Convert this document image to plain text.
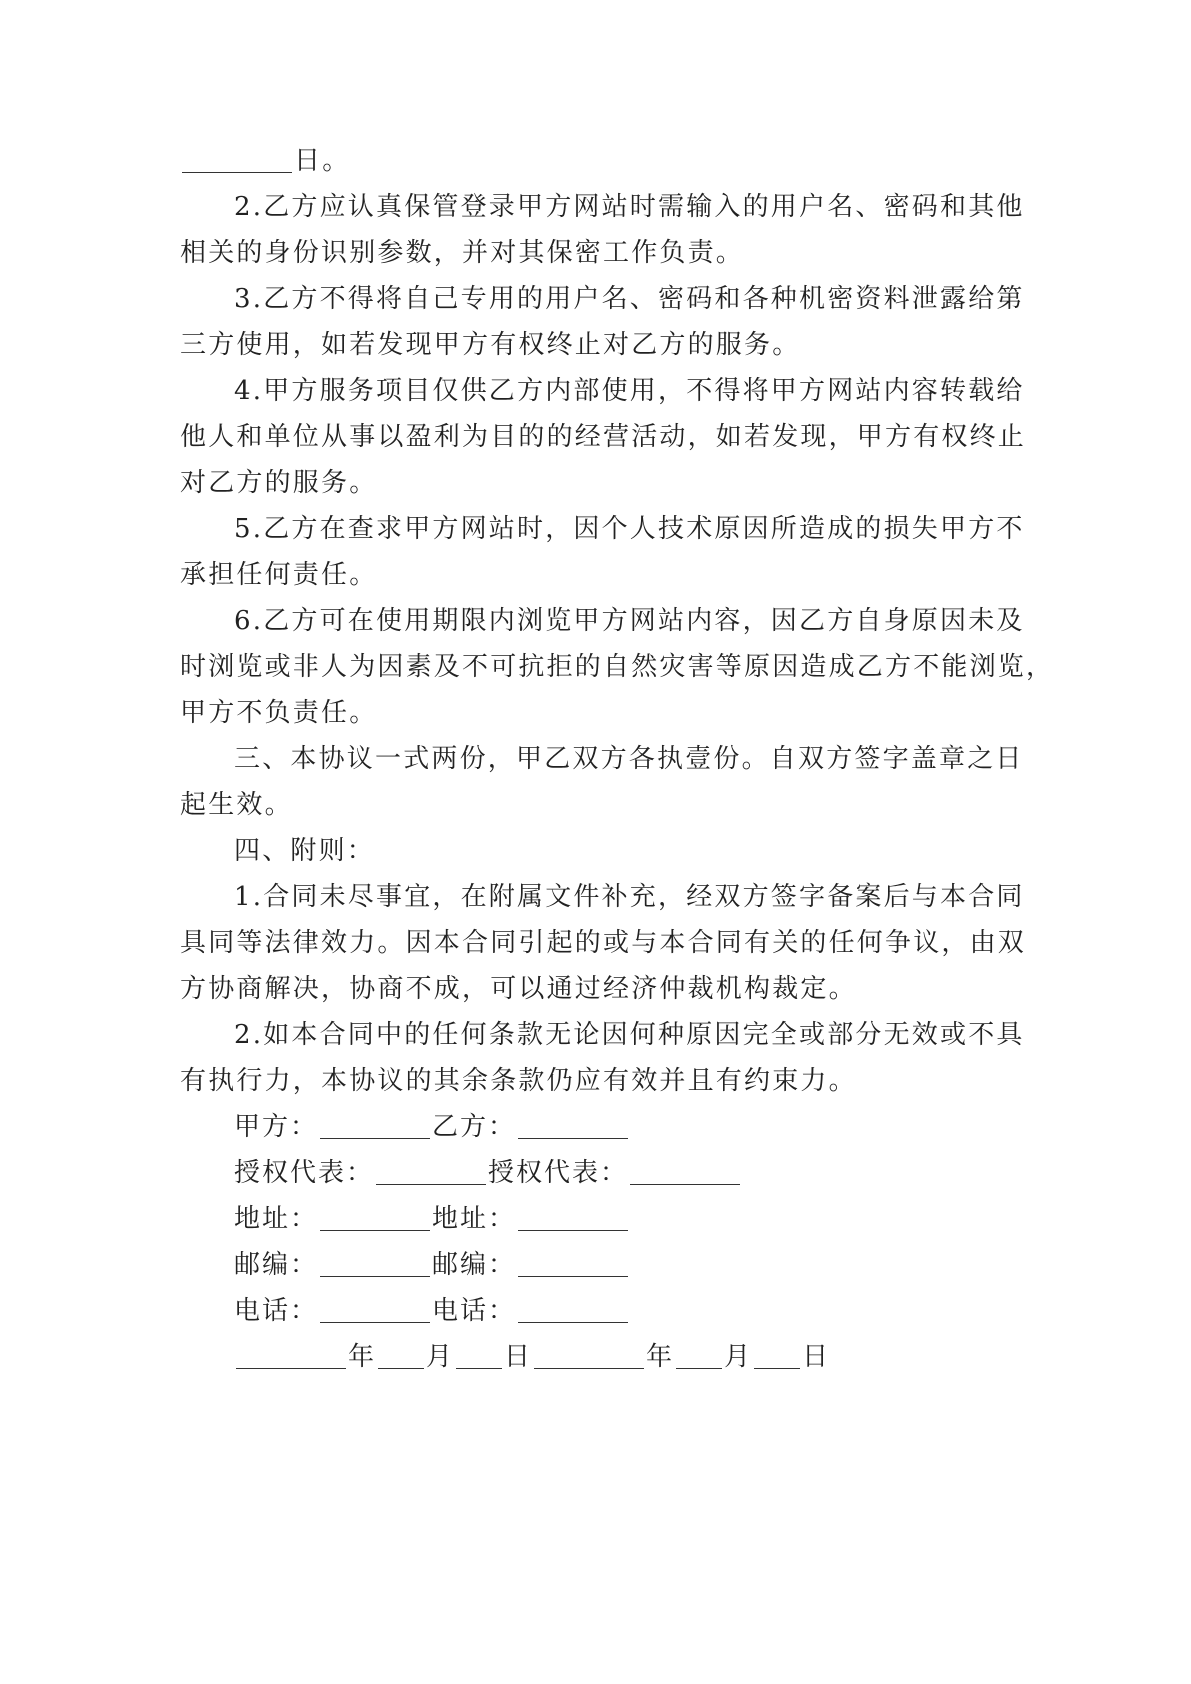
日。
2.乙方应认真保管登录甲方网站时需输入的用户名、密码和其他
相关的身份识别参数，并对其保密工作负责。
3.乙方不得将自己专用的用户名、密码和各种机密资料泄露给第
三方使用，如若发现甲方有权终止对乙方的服务。
4.甲方服务项目仅供乙方内部使用，不得将甲方网站内容转载给
他人和单位从事以盈利为目的的经营活动，如若发现，甲方有权终止
对乙方的服务。
5.乙方在查求甲方网站时，因个人技术原因所造成的损失甲方不
承担任何责任。
6.乙方可在使用期限内浏览甲方网站内容，因乙方自身原因未及
时浏览或非人为因素及不可抗拒的自然灾害等原因造成乙方不能浏览，
甲方不负责任。
三、本协议一式两份，甲乙双方各执壹份。自双方签字盖章之日
起生效。
四、附则：
1.合同未尽事宜，在附属文件补充，经双方签字备案后与本合同
具同等法律效力。因本合同引起的或与本合同有关的任何争议，由双
方协商解决，协商不成，可以通过经济仲裁机构裁定。
2.如本合同中的任何条款无论因何种原因完全或部分无效或不具
有执行力，本协议的其余条款仍应有效并且有约束力。
甲方：	乙方：
授权代表：	授权代表：
地址：	地址：
邮编：	邮编：
电话：	电话：
年 月 日	年 月 日
